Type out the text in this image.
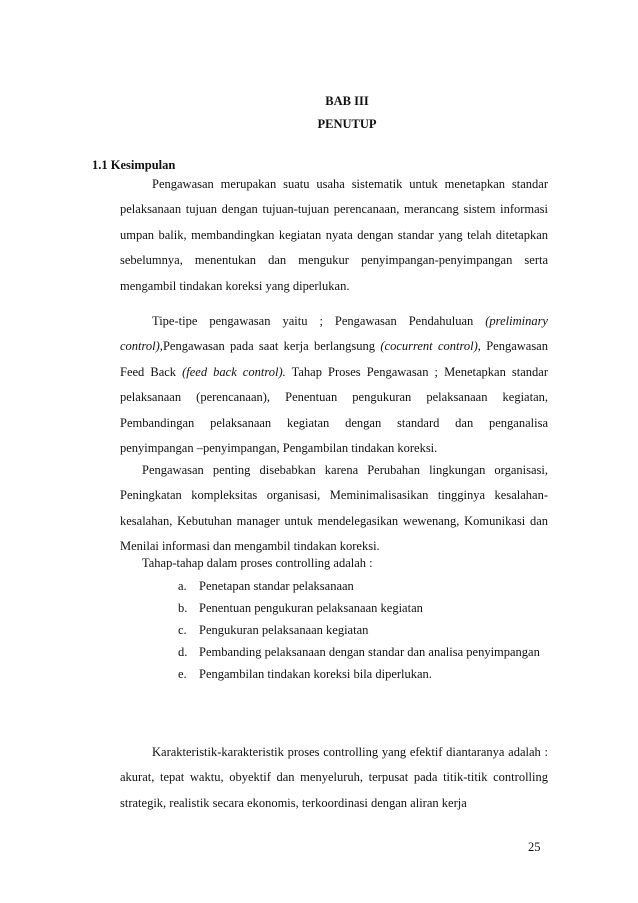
BAB III
PENUTUP
1.1 Kesimpulan

Pengawasan merupakan suatu usaha sistematik untuk menetapkan standar pelaksanaan tujuan dengan tujuan-tujuan perencanaan, merancang sistem informasi umpan balik, membandingkan kegiatan nyata dengan standar yang telah ditetapkan sebelumnya, menentukan dan mengukur penyimpangan-penyimpangan serta mengambil tindakan koreksi yang diperlukan.

Tipe-tipe pengawasan yaitu ; Pengawasan Pendahuluan (preliminary control),Pengawasan pada saat kerja berlangsung (cocurrent control), Pengawasan Feed Back (feed back control). Tahap Proses Pengawasan ; Menetapkan standar pelaksanaan (perencanaan), Penentuan pengukuran pelaksanaan kegiatan, Pembandingan pelaksanaan kegiatan dengan standard dan penganalisa penyimpangan –penyimpangan, Pengambilan tindakan koreksi.

Pengawasan penting disebabkan karena Perubahan lingkungan organisasi, Peningkatan kompleksitas organisasi, Meminimalisasikan tingginya kesalahan-kesalahan, Kebutuhan manager untuk mendelegasikan wewenang, Komunikasi dan Menilai informasi dan mengambil tindakan koreksi.

Tahap-tahap dalam proses controlling adalah :
a. Penetapan standar pelaksanaan
b. Penentuan pengukuran pelaksanaan kegiatan
c. Pengukuran pelaksanaan kegiatan
d. Pembanding pelaksanaan dengan standar dan analisa penyimpangan
e. Pengambilan tindakan koreksi bila diperlukan.

Karakteristik-karakteristik proses controlling yang efektif diantaranya adalah : akurat, tepat waktu, obyektif dan menyeluruh, terpusat pada titik-titik controlling strategik, realistik secara ekonomis, terkoordinasi dengan aliran kerja

25
